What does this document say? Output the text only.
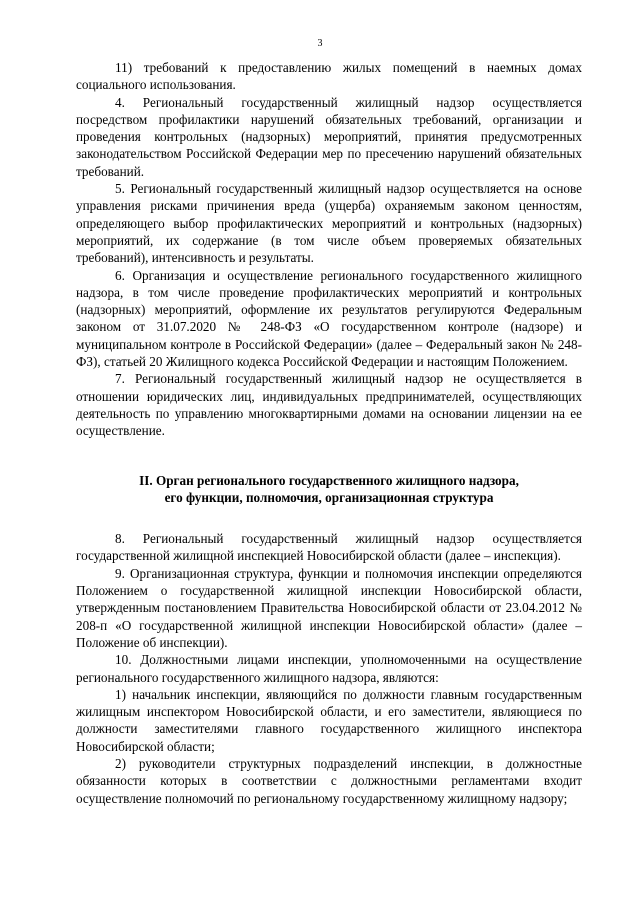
3

11) требований к предоставлению жилых помещений в наемных домах социального использования.

4. Региональный государственный жилищный надзор осуществляется посредством профилактики нарушений обязательных требований, организации и проведения контрольных (надзорных) мероприятий, принятия предусмотренных законодательством Российской Федерации мер по пресечению нарушений обязательных требований.

5. Региональный государственный жилищный надзор осуществляется на основе управления рисками причинения вреда (ущерба) охраняемым законом ценностям, определяющего выбор профилактических мероприятий и контрольных (надзорных) мероприятий, их содержание (в том числе объем проверяемых обязательных требований), интенсивность и результаты.

6. Организация и осуществление регионального государственного жилищного надзора, в том числе проведение профилактических мероприятий и контрольных (надзорных) мероприятий, оформление их результатов регулируются Федеральным законом от 31.07.2020 № 248-ФЗ «О государственном контроле (надзоре) и муниципальном контроле в Российской Федерации» (далее – Федеральный закон № 248-ФЗ), статьей 20 Жилищного кодекса Российской Федерации и настоящим Положением.

7. Региональный государственный жилищный надзор не осуществляется в отношении юридических лиц, индивидуальных предпринимателей, осуществляющих деятельность по управлению многоквартирными домами на основании лицензии на ее осуществление.

II. Орган регионального государственного жилищного надзора,
его функции, полномочия, организационная структура

8. Региональный государственный жилищный надзор осуществляется государственной жилищной инспекцией Новосибирской области (далее – инспекция).

9. Организационная структура, функции и полномочия инспекции определяются Положением о государственной жилищной инспекции Новосибирской области, утвержденным постановлением Правительства Новосибирской области от 23.04.2012 № 208-п «О государственной жилищной инспекции Новосибирской области» (далее – Положение об инспекции).

10. Должностными лицами инспекции, уполномоченными на осуществление регионального государственного жилищного надзора, являются:

1) начальник инспекции, являющийся по должности главным государственным жилищным инспектором Новосибирской области, и его заместители, являющиеся по должности заместителями главного государственного жилищного инспектора Новосибирской области;

2) руководители структурных подразделений инспекции, в должностные обязанности которых в соответствии с должностными регламентами входит осуществление полномочий по региональному государственному жилищному надзору;
